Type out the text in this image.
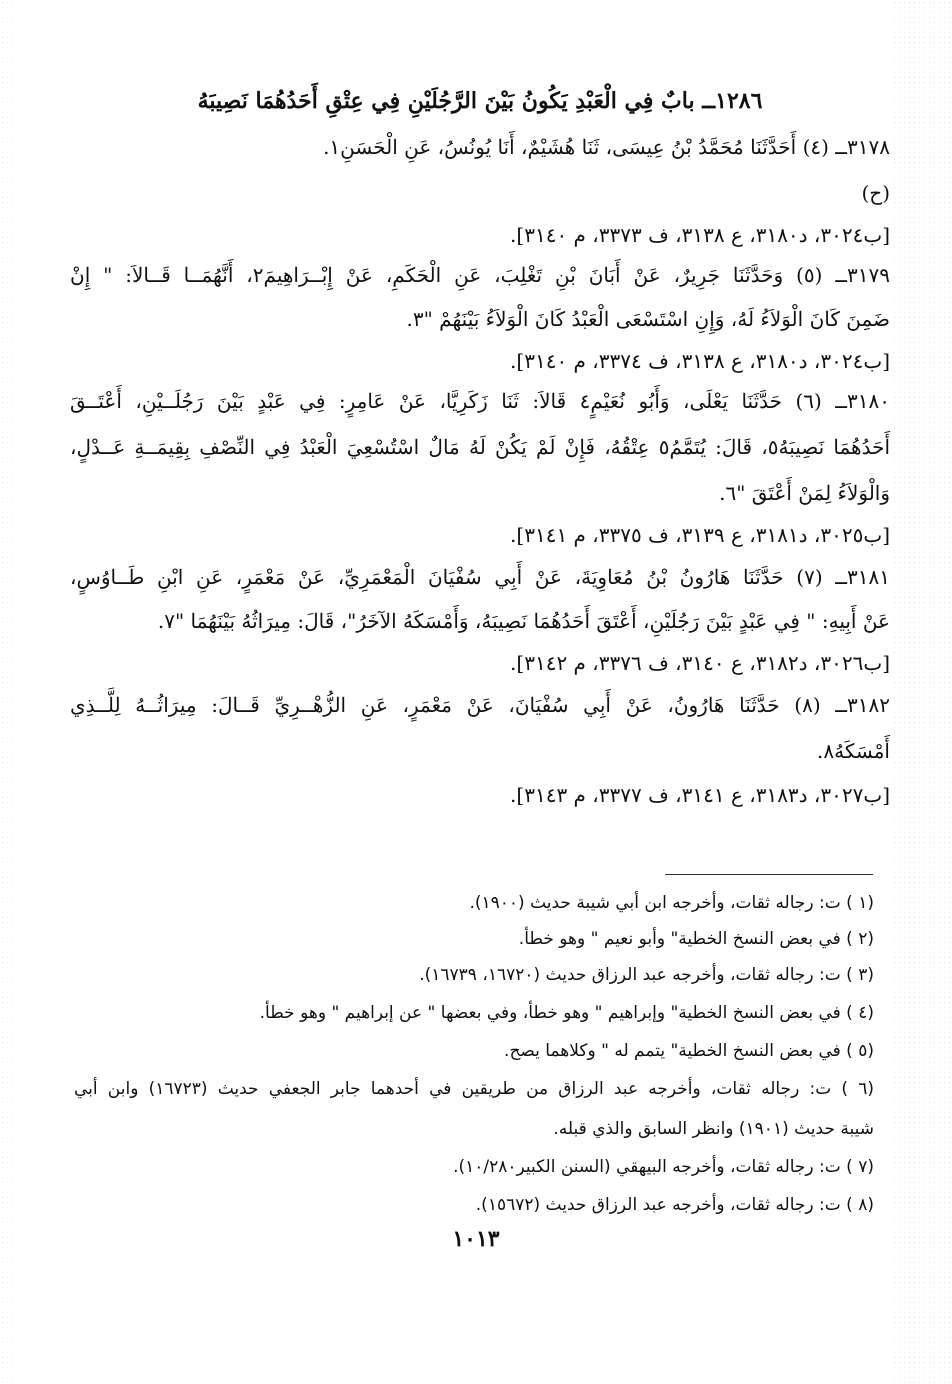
١٢٨٦ــ بابٌ فِي الْعَبْدِ يَكُونُ بَيْنَ الرَّجُلَيْنِ فِي عِتْقِ أَحَدُهُمَا نَصِيبَهُ
٣١٧٨ــ (٤) أَحَدَّثَنَا مُحَمَّدُ بْنُ عِيسَى، ثَنَا هُشَيْمٌ، أَنَا يُونُسُ، عَنِ الْحَسَنِ١.
(ح)
[ب٣٠٢٤، د٣١٨٠، ع ٣١٣٨، ف ٣٣٧٣، م ٣١٤٠].
٣١٧٩ــ (٥) وَحَدَّثَنَا جَرِيرٌ، عَنْ أَبَانَ بْنِ تَغْلِبَ، عَنِ الْحَكَمِ، عَنْ إِبْــرَاهِيمَ٢، أَنَّهُمَــا قَــالاَ: " إِنْ
ضَمِنَ كَانَ الْوَلاَءُ لَهُ، وَإِنِ اسْتَسْعَى الْعَبْدُ كَانَ الْوَلاَءُ بَيْنَهُمْ "٣.
[ب٣٠٢٤، د٣١٨٠، ع ٣١٣٨، ف ٣٣٧٤، م ٣١٤٠].
٣١٨٠ــ (٦) حَدَّثَنَا يَعْلَى، وَأَبُو نُعَيْمٍ٤ قَالاَ: ثَنَا زَكَرِيَّا، عَنْ عَامِرٍ: فِي عَبْدٍ بَيْنَ رَجُلَــيْنِ، أَعْتَــقَ
أَحَدُهُمَا نَصِيبَهُ٥، قَالَ: يُتَمَّمُ٥ عِتْقُهُ، فَإِنْ لَمْ يَكُنْ لَهُ مَالٌ اسْتُسْعِيَ الْعَبْدُ فِي النِّصْفِ بِقِيمَــةِ عَــدْلٍ،
وَالْوَلاَءُ لِمَنْ أَعْتَقَ "٦.
[ب٣٠٢٥، د٣١٨١، ع ٣١٣٩، ف ٣٣٧٥، م ٣١٤١].
٣١٨١ــ (٧) حَدَّثَنَا هَارُونُ بْنُ مُعَاوِيَةَ، عَنْ أَبِي سُفْيَانَ الْمَعْمَرِيِّ، عَنْ مَعْمَرٍ، عَنِ ابْنِ طَــاوُسٍ،
عَنْ أَبِيهِ: " فِي عَبْدٍ بَيْنَ رَجُلَيْنِ، أَعْتَقَ أَحَدُهُمَا نَصِيبَهُ، وَأَمْسَكَهُ الآخَرُ"، قَالَ: مِيرَاثُهُ بَيْنَهُمَا "٧.
[ب٣٠٢٦، د٣١٨٢، ع ٣١٤٠، ف ٣٣٧٦، م ٣١٤٢].
٣١٨٢ــ (٨) حَدَّثَنَا هَارُونُ، عَنْ أَبِي سُفْيَانَ، عَنْ مَعْمَرٍ، عَنِ الزُّهْــرِيِّ قَــالَ: مِيرَاثُــهُ لِلَّــذِي
أَمْسَكَهُ٨.
[ب٣٠٢٧، د٣١٨٣، ع ٣١٤١، ف ٣٣٧٧، م ٣١٤٣].
(١ ) ت: رجاله ثقات، وأخرجه ابن أبي شيبة حديث (١٩٠٠).
(٢ ) في بعض النسخ الخطية" وأبو نعيم " وهو خطأ.
(٣ ) ت: رجاله ثقات، وأخرجه عبد الرزاق حديث (١٦٧٢٠، ١٦٧٣٩).
(٤ ) في بعض النسخ الخطية" وإبراهيم " وهو خطأ، وفي بعضها " عن إبراهيم " وهو خطأ.
(٥ ) في بعض النسخ الخطية" يتمم له " وكلاهما يصح.
(٦ ) ت: رجاله ثقات، وأخرجه عبد الرزاق من طريقين في أحدهما جابر الجعفي حديث (١٦٧٢٣) وابن أبي
شيبة حديث (١٩٠١) وانظر السابق والذي قبله.
(٧ ) ت: رجاله ثقات، وأخرجه البيهقي (السنن الكبير١٠/٢٨٠).
(٨ ) ت: رجاله ثقات، وأخرجه عبد الرزاق حديث (١٥٦٧٢).
١٠١٣
